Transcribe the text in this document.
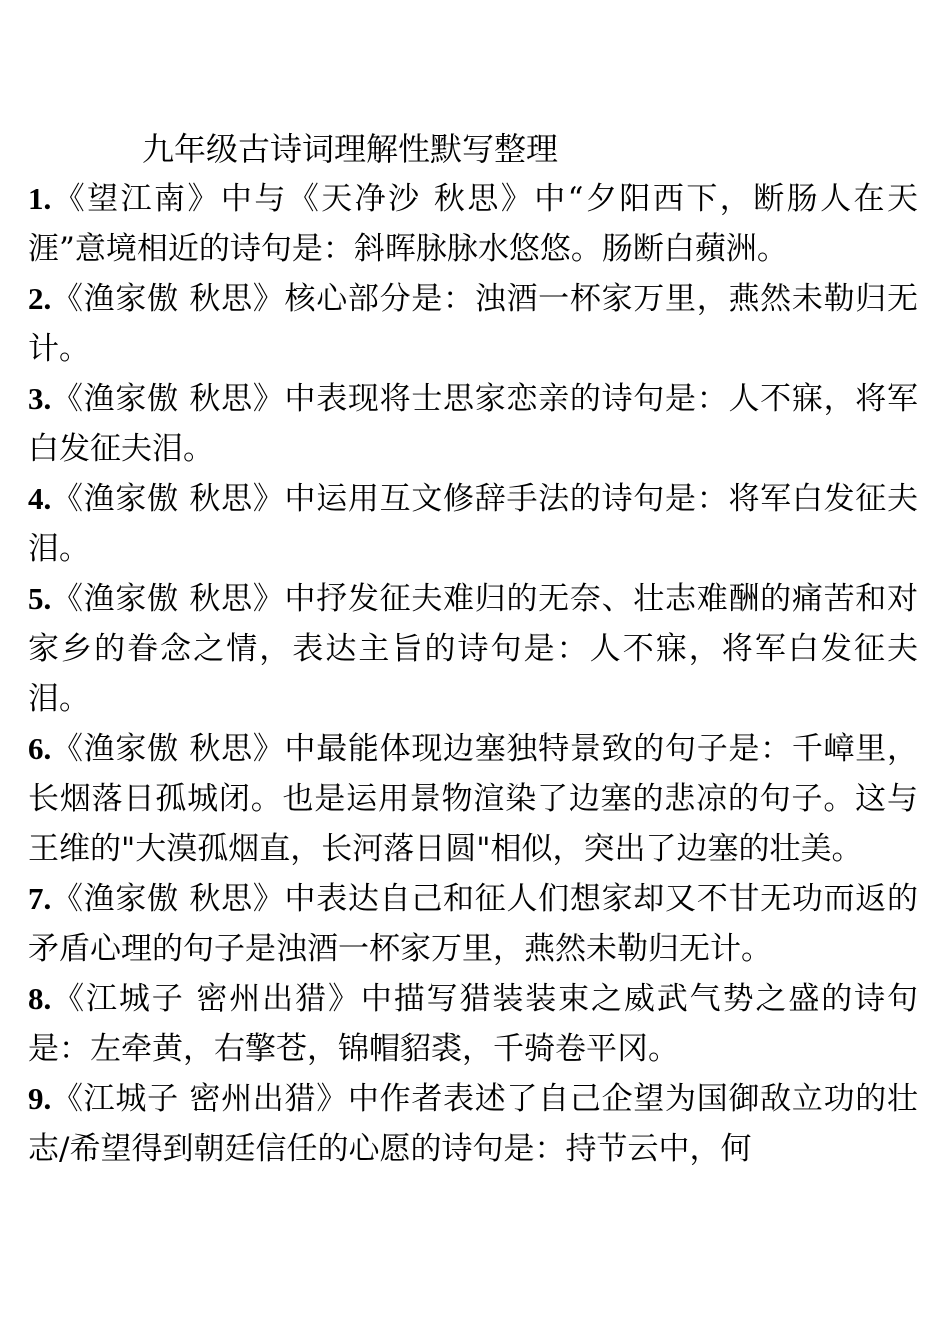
九年级古诗词理解性默写整理

1.《望江南》中与《天净沙 秋思》中“夕阳西下，断肠人在天涯”意境相近的诗句是：斜晖脉脉水悠悠。肠断白蘋洲。

2.《渔家傲 秋思》核心部分是：浊酒一杯家万里，燕然未勒归无计。

3.《渔家傲 秋思》中表现将士思家恋亲的诗句是：人不寐，将军白发征夫泪。

4.《渔家傲 秋思》中运用互文修辞手法的诗句是：将军白发征夫泪。

5.《渔家傲 秋思》中抒发征夫难归的无奈、壮志难酬的痛苦和对家乡的眷念之情，表达主旨的诗句是：人不寐，将军白发征夫泪。

6.《渔家傲 秋思》中最能体现边塞独特景致的句子是：千嶂里，长烟落日孤城闭。也是运用景物渲染了边塞的悲凉的句子。这与王维的"大漠孤烟直，长河落日圆"相似，突出了边塞的壮美。

7.《渔家傲 秋思》中表达自己和征人们想家却又不甘无功而返的矛盾心理的句子是浊酒一杯家万里，燕然未勒归无计。

8.《江城子 密州出猎》中描写猎装装束之威武气势之盛的诗句是：左牵黄，右擎苍，锦帽貂裘，千骑卷平冈。

9.《江城子 密州出猎》中作者表述了自己企望为国御敌立功的壮志/希望得到朝廷信任的心愿的诗句是：持节云中，何
